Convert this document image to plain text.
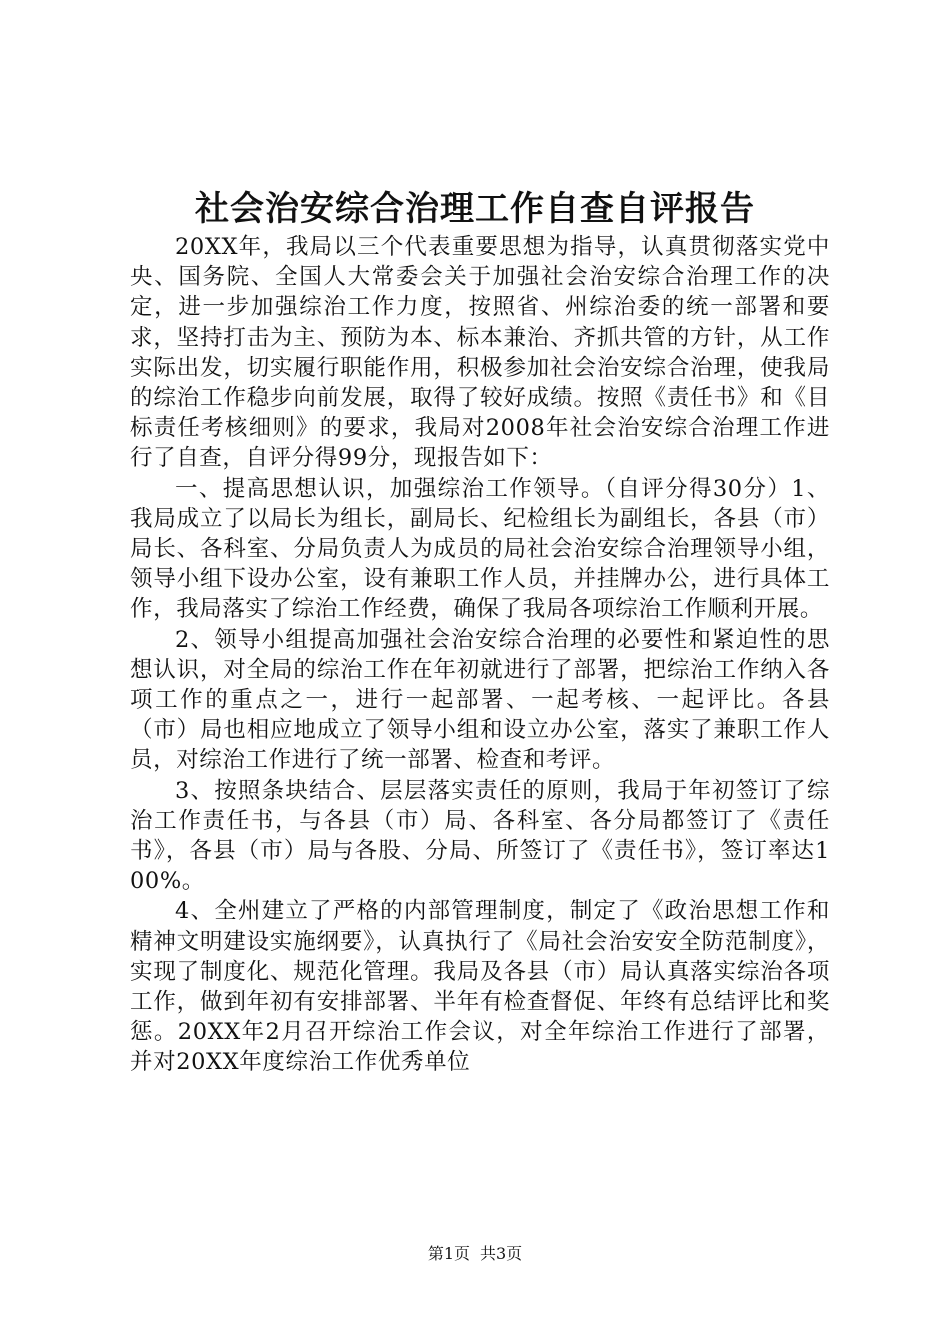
社会治安综合治理工作自查自评报告

20XX年，我局以三个代表重要思想为指导，认真贯彻落实党中央、国务院、全国人大常委会关于加强社会治安综合治理工作的决定，进一步加强综治工作力度，按照省、州综治委的统一部署和要求，坚持打击为主、预防为本、标本兼治、齐抓共管的方针，从工作实际出发，切实履行职能作用，积极参加社会治安综合治理，使我局的综治工作稳步向前发展，取得了较好成绩。按照《责任书》和《目标责任考核细则》的要求，我局对2008年社会治安综合治理工作进行了自查，自评分得99分，现报告如下：

一、提高思想认识，加强综治工作领导。（自评分得30分）1、我局成立了以局长为组长，副局长、纪检组长为副组长，各县（市）局长、各科室、分局负责人为成员的局社会治安综合治理领导小组，领导小组下设办公室，设有兼职工作人员，并挂牌办公，进行具体工作，我局落实了综治工作经费，确保了我局各项综治工作顺利开展。

2、领导小组提高加强社会治安综合治理的必要性和紧迫性的思想认识，对全局的综治工作在年初就进行了部署，把综治工作纳入各项工作的重点之一，进行一起部署、一起考核、一起评比。各县（市）局也相应地成立了领导小组和设立办公室，落实了兼职工作人员，对综治工作进行了统一部署、检查和考评。

3、按照条块结合、层层落实责任的原则，我局于年初签订了综治工作责任书，与各县（市）局、各科室、各分局都签订了《责任书》，各县（市）局与各股、分局、所签订了《责任书》，签订率达100%。

4、全州建立了严格的内部管理制度，制定了《政治思想工作和精神文明建设实施纲要》，认真执行了《局社会治安安全防范制度》，实现了制度化、规范化管理。我局及各县（市）局认真落实综治各项工作，做到年初有安排部署、半年有检查督促、年终有总结评比和奖惩。20XX年2月召开综治工作会议，对全年综治工作进行了部署，并对20XX年度综治工作优秀单位

第1页 共3页
